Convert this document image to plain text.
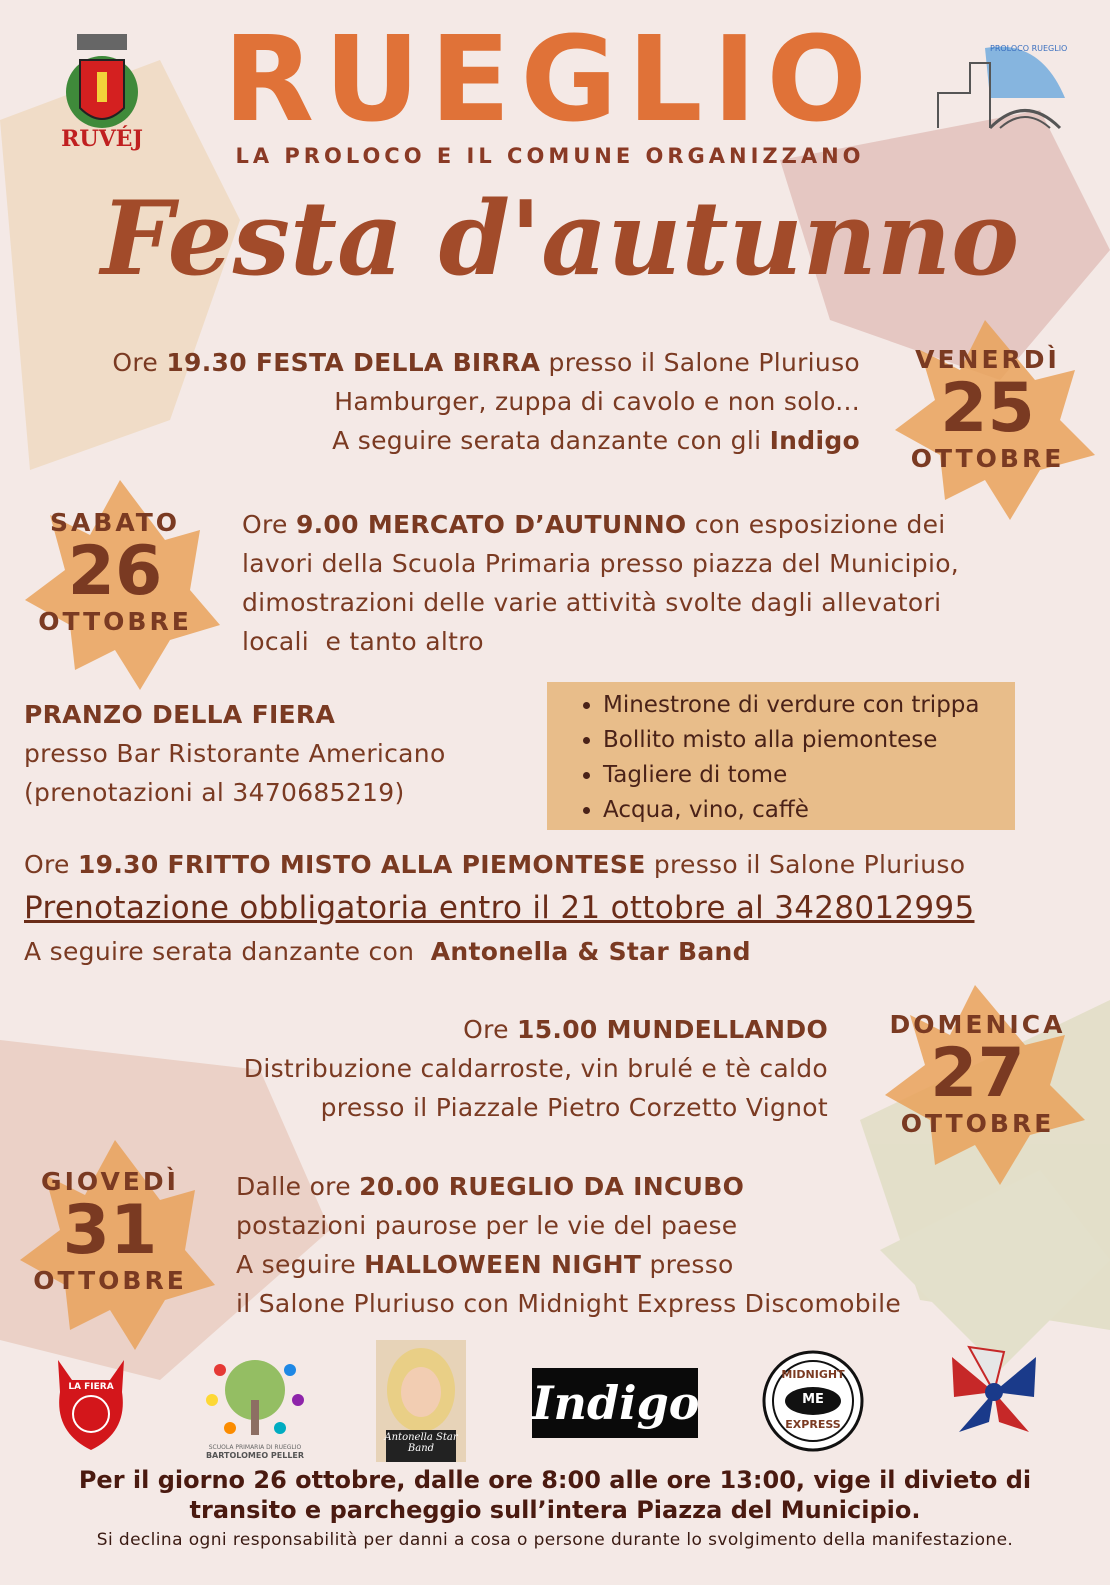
RUVÉJ
PROLOCO RUEGLIO
RUEGLIO
LA PROLOCO E IL COMUNE ORGANIZZANO
Festa d'autunno
Ore 19.30 FESTA DELLA BIRRA presso il Salone Pluriuso
Hamburger, zuppa di cavolo e non solo...
A seguire serata danzante con gli Indigo
VENERDÌ
25
OTTOBRE
SABATO
26
OTTOBRE
Ore 9.00 MERCATO D’AUTUNNO con esposizione dei
lavori della Scuola Primaria presso piazza del Municipio,
dimostrazioni delle varie attività svolte dagli allevatori
locali  e tanto altro
PRANZO DELLA FIERA
presso Bar Ristorante Americano
(prenotazioni al 3470685219)
• Minestrone di verdure con trippa
• Bollito misto alla piemontese
• Tagliere di tome
• Acqua, vino, caffè
Ore 19.30 FRITTO MISTO ALLA PIEMONTESE presso il Salone Pluriuso
Prenotazione obbligatoria entro il 21 ottobre al 3428012995
A seguire serata danzante con  Antonella & Star Band
Ore 15.00 MUNDELLANDO
Distribuzione caldarroste, vin brulé e tè caldo
presso il Piazzale Pietro Corzetto Vignot
DOMENICA
27
OTTOBRE
GIOVEDÌ
31
OTTOBRE
Dalle ore 20.00 RUEGLIO DA INCUBO
postazioni paurose per le vie del paese
A seguire HALLOWEEN NIGHT presso
il Salone Pluriuso con Midnight Express Discomobile
LA FIERA
SCUOLA PRIMARIA DI RUEGLIO
BARTOLOMEO PELLER
Antonella Star Band
Indigo
MIDNIGHT
ME
EXPRESS
Per il giorno 26 ottobre, dalle ore 8:00 alle ore 13:00, vige il divieto di
transito e parcheggio sull’intera Piazza del Municipio.
Si declina ogni responsabilità per danni a cosa o persone durante lo svolgimento della manifestazione.
